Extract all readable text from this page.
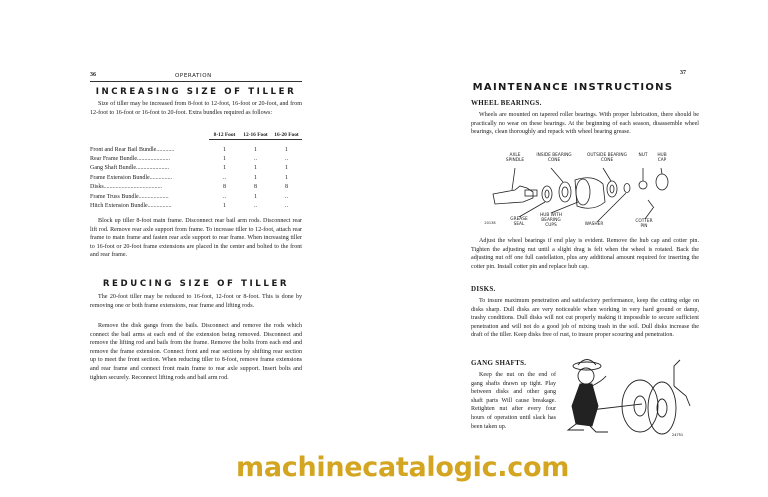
36	OPERATION
INCREASING SIZE OF TILLER
Size of tiller may be increased from 8-foot to 12-foot, 16-foot or 20-foot, and from 12-foot to 16-foot or 16-foot to 20-foot. Extra bundles required as follows:
	8-12 Foot	12-16 Foot	16-20 Foot

Front and Rear Bail Bundle............	1	1	1
Rear Frame Bundle......................	1	..	..
Gang Shaft Bundle......................	1	1	1
Frame Extension Bundle...............	..	1	1
Disks.......................................	8	8	8
Frame Truss Bundle....................	..	1	..
Hitch Extension Bundle................	1	..	..
Block up tiller 8-foot main frame. Disconnect rear bail arm rods. Disconnect rear lift rod. Remove rear axle support from frame. To increase tiller to 12-foot, attach rear frame to main frame and fasten rear axle support to rear frame. When increasing tiller to 16-foot or 20-foot frame extensions are placed in the center and bolted to the front and rear frame.
REDUCING SIZE OF TILLER
The 20-foot tiller may be reduced to 16-foot, 12-foot or 8-foot. This is done by removing one or both frame extensions, rear frame and lifting rods.
Remove the disk gangs from the bails. Disconnect and remove the rods which connect the bail arms at each end of the extension being removed. Disconnect and remove the lifting rod and bails from the frame. Remove the bolts from each end and remove the frame extension. Connect front and rear sections by shifting rear section up to meet the front section. When reducing tiller to 8-foot, remove frame extensions and rear frame and connect front main frame to rear axle support. Insert bolts and tighten securely. Reconnect lifting rods and bail arm rod.
37
MAINTENANCE INSTRUCTIONS
WHEEL BEARINGS.
Wheels are mounted on tapered roller bearings. With proper lubrication, there should be practically no wear on these bearings. At the beginning of each season, disassemble wheel bearings, clean thoroughly and repack with wheel bearing grease.
AXLE SPINDLE
INSIDE BEARING CONE
OUTSIDE BEARING CONE
NUT	HUB CAP
20138
GREASE SEAL
HUB WITH BEARING CUPS	WASHER
COTTER PIN
Adjust the wheel bearings if end play is evident. Remove the hub cap and cotter pin. Tighten the adjusting nut until a slight drag is felt when the wheel is rotated. Back the adjusting nut off one full castellation, plus any additional amount required for inserting the cotter pin. Install cotter pin and replace hub cap.
DISKS.
To insure maximum penetration and satisfactory performance, keep the cutting edge on disks sharp. Dull disks are very noticeable when working in very hard ground or damp, trashy conditions. Dull disks will not cut properly making it impossible to secure sufficient penetration and will not do a good job of mixing trash in the soil. Dull disks increase the draft of the tiller. Keep disks free of rust, to insure proper scouring and penetration.
GANG SHAFTS.
Keep the nut on the end of gang shafts drawn up tight. Play between disks and other gang shaft parts Will cause breakage. Retighten nut after every four hours of operation until slack has been taken up.
24751
machinecatalogic.com
